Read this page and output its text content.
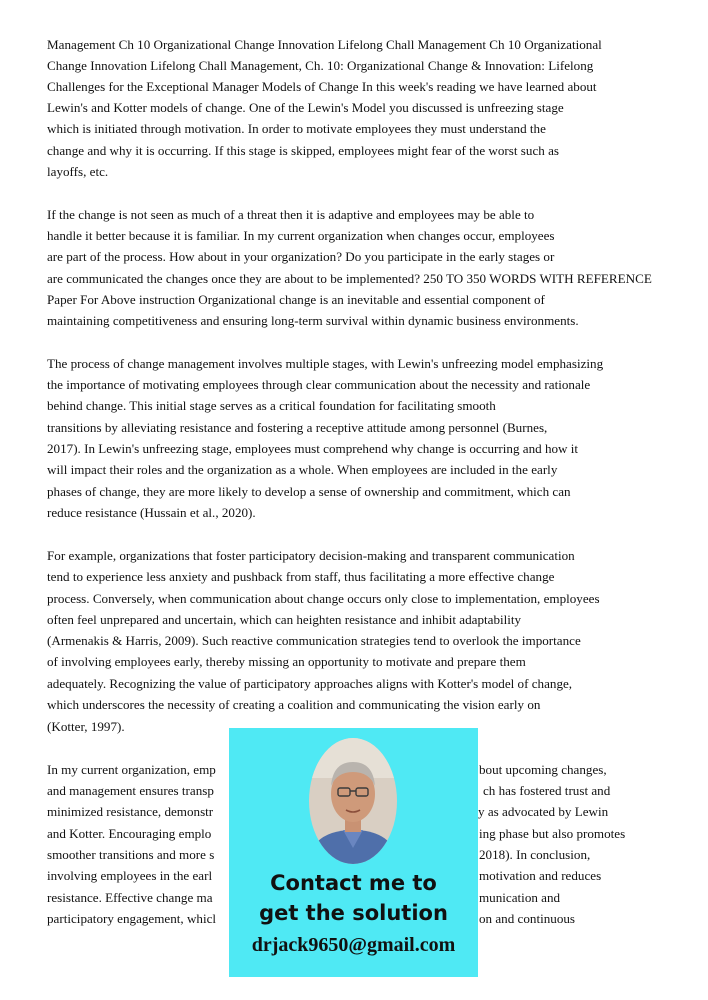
Management Ch 10 Organizational Change Innovation Lifelong Chall Management Ch 10 Organizational
Change Innovation Lifelong Chall Management, Ch. 10: Organizational Change & Innovation: Lifelong
Challenges for the Exceptional Manager Models of Change In this week's reading we have learned about
Lewin's and Kotter models of change. One of the Lewin's Model you discussed is unfreezing stage
which is initiated through motivation. In order to motivate employees they must understand the
change and why it is occurring. If this stage is skipped, employees might fear of the worst such as
layoffs, etc.
If the change is not seen as much of a threat then it is adaptive and employees may be able to
handle it better because it is familiar. In my current organization when changes occur, employees
are part of the process. How about in your organization? Do you participate in the early stages or
are communicated the changes once they are about to be implemented? 250 TO 350 WORDS WITH REFERENCE
Paper For Above instruction Organizational change is an inevitable and essential component of
maintaining competitiveness and ensuring long-term survival within dynamic business environments.
The process of change management involves multiple stages, with Lewin's unfreezing model emphasizing
the importance of motivating employees through clear communication about the necessity and rationale
behind change. This initial stage serves as a critical foundation for facilitating smooth
transitions by alleviating resistance and fostering a receptive attitude among personnel (Burnes,
2017). In Lewin's unfreezing stage, employees must comprehend why change is occurring and how it
will impact their roles and the organization as a whole. When employees are included in the early
phases of change, they are more likely to develop a sense of ownership and commitment, which can
reduce resistance (Hussain et al., 2020).
For example, organizations that foster participatory decision-making and transparent communication
tend to experience less anxiety and pushback from staff, thus facilitating a more effective change
process. Conversely, when communication about change occurs only close to implementation, employees
often feel unprepared and uncertain, which can heighten resistance and inhibit adaptability
(Armenakis & Harris, 2009). Such reactive communication strategies tend to overlook the importance
of involving employees early, thereby missing an opportunity to motivate and prepare them
adequately. Recognizing the value of participatory approaches aligns with Kotter's model of change,
which underscores the necessity of creating a coalition and communicating the vision early on
(Kotter, 1997).
In my current organization, emp	bout upcoming changes,
and management ensures transp	ch has fostered trust and
minimized resistance, demonstr	y as advocated by Lewin
and Kotter. Encouraging emplo	ing phase but also promotes
smoother transitions and more s	2018). In conclusion,
involving employees in the earl	motivation and reduces
resistance. Effective change ma	munication and
participatory engagement, whicl	on and continuous
Contact me to
get the solution
drjack9650@gmail.com
